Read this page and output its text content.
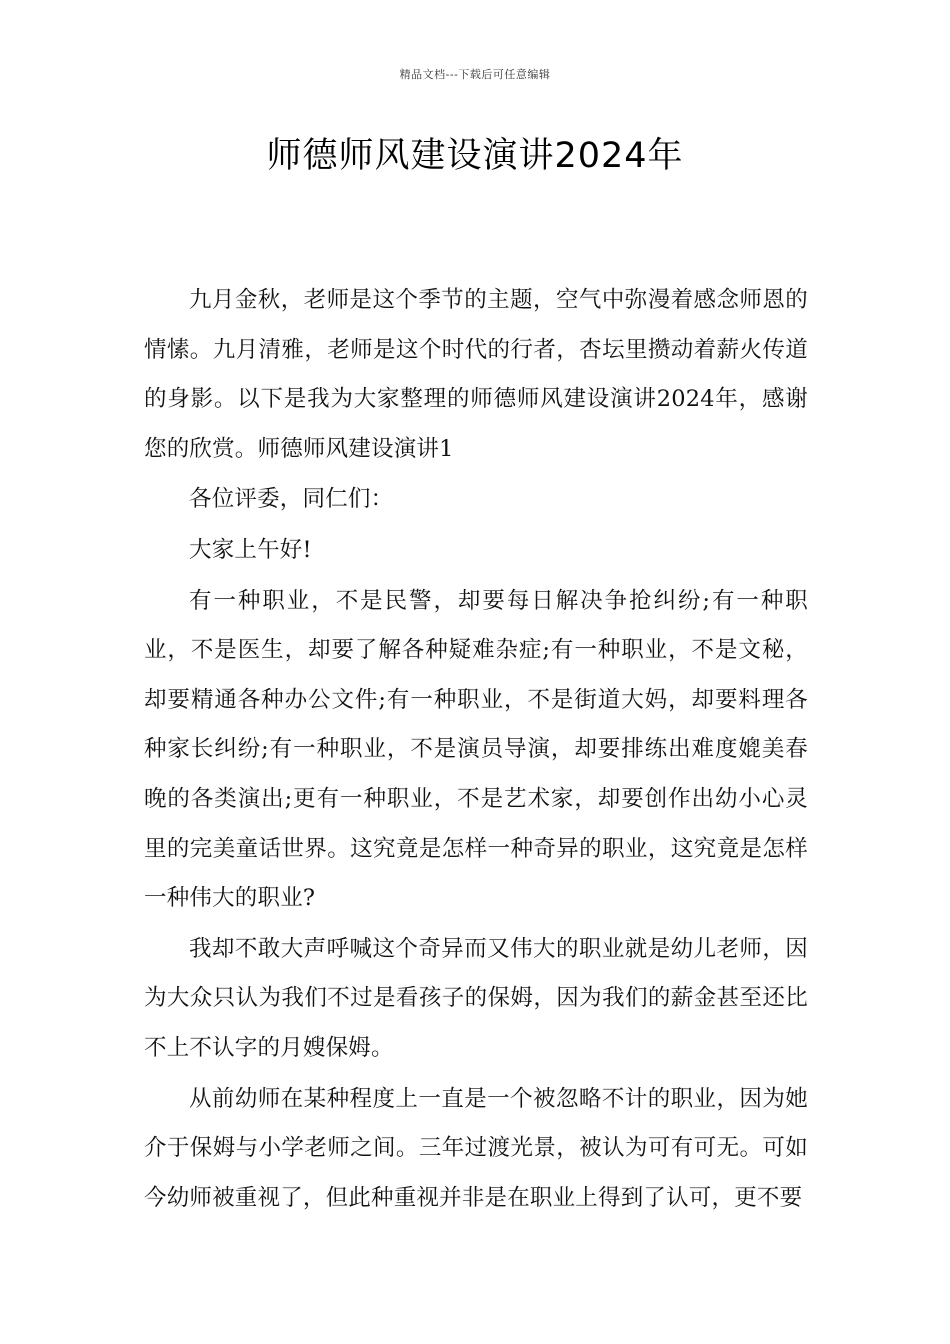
精品文档---下载后可任意编辑
师德师风建设演讲2024年

九月金秋，老师是这个季节的主题，空气中弥漫着感念师恩的情愫。九月清雅，老师是这个时代的行者，杏坛里攒动着薪火传道的身影。以下是我为大家整理的师德师风建设演讲2024年，感谢您的欣赏。师德师风建设演讲1

各位评委，同仁们：

大家上午好!

有一种职业，不是民警，却要每日解决争抢纠纷;有一种职业，不是医生，却要了解各种疑难杂症;有一种职业，不是文秘，却要精通各种办公文件;有一种职业，不是街道大妈，却要料理各种家长纠纷;有一种职业，不是演员导演，却要排练出难度媲美春晚的各类演出;更有一种职业，不是艺术家，却要创作出幼小心灵里的完美童话世界。这究竟是怎样一种奇异的职业，这究竟是怎样一种伟大的职业?

我却不敢大声呼喊这个奇异而又伟大的职业就是幼儿老师，因为大众只认为我们不过是看孩子的保姆，因为我们的薪金甚至还比不上不认字的月嫂保姆。

从前幼师在某种程度上一直是一个被忽略不计的职业，因为她介于保姆与小学老师之间。三年过渡光景，被认为可有可无。可如今幼师被重视了，但此种重视并非是在职业上得到了认可，更不要
